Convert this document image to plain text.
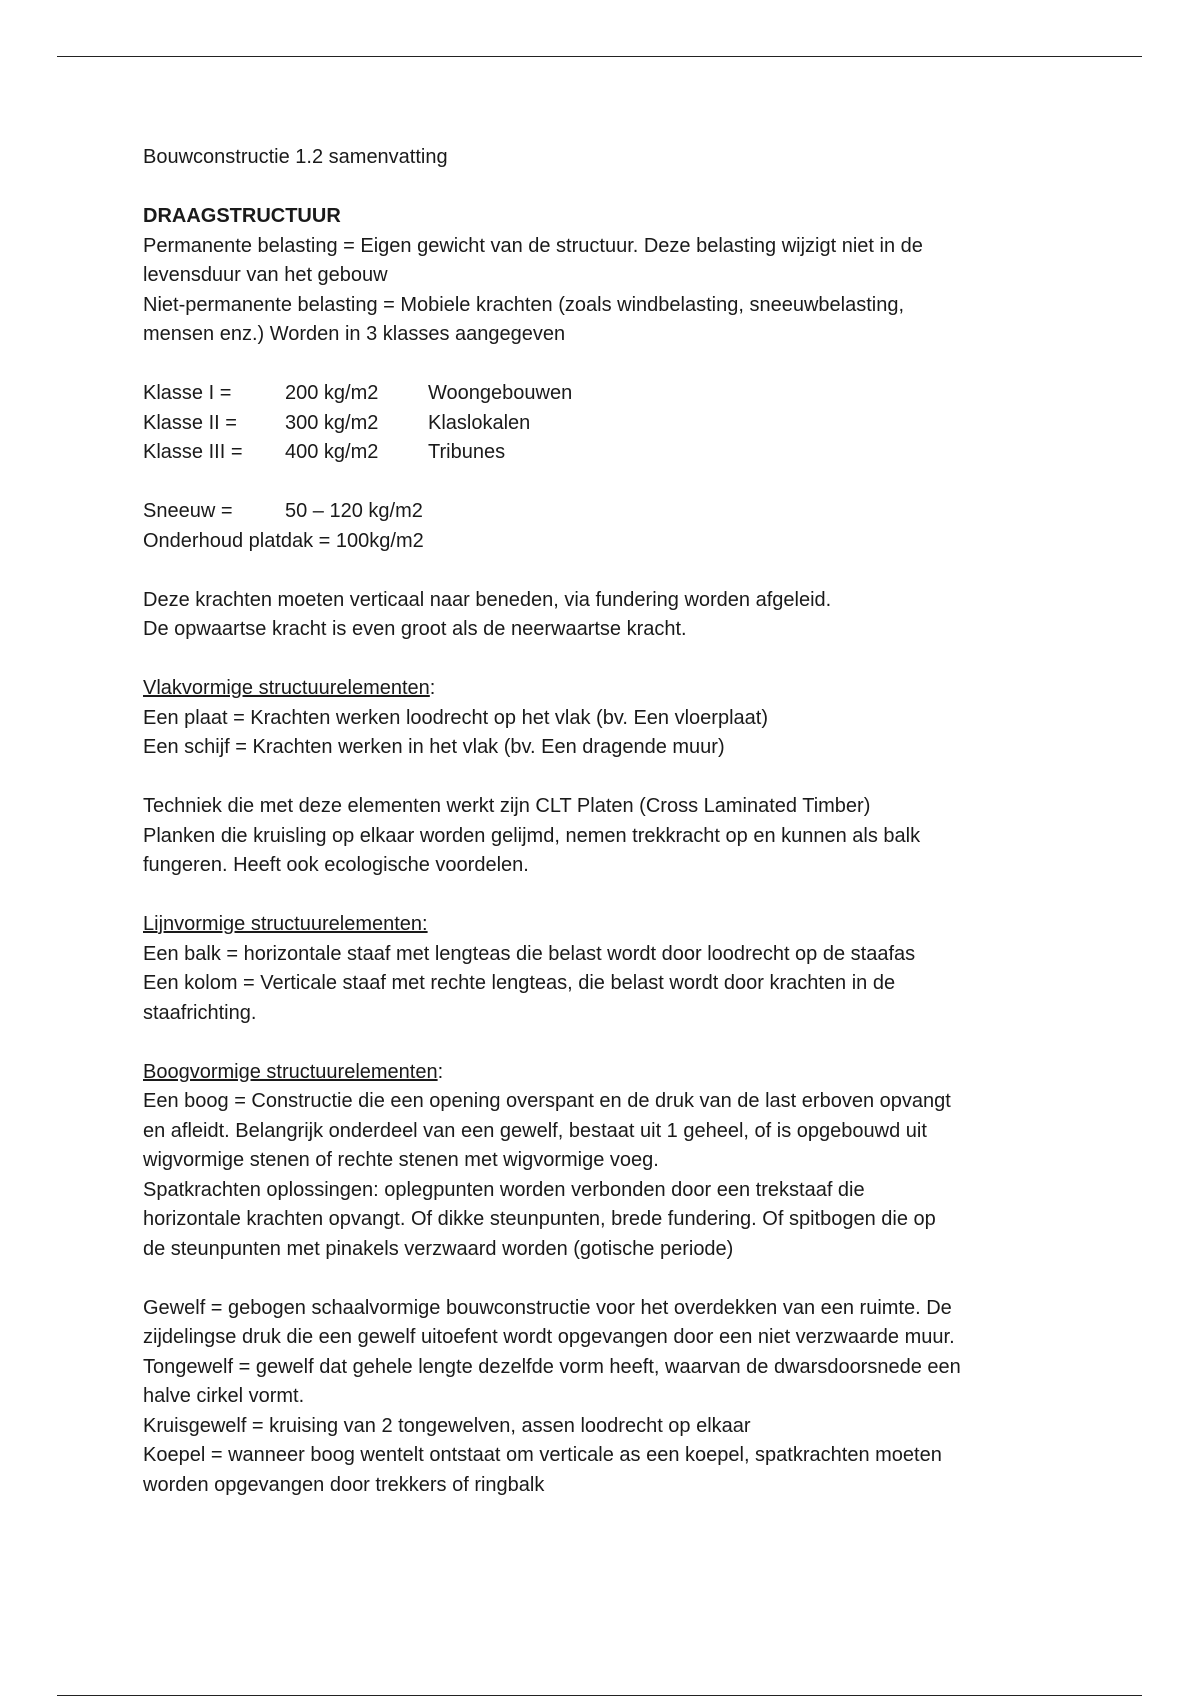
Bouwconstructie 1.2 samenvatting
DRAAGSTRUCTUUR
Permanente belasting = Eigen gewicht van de structuur. Deze belasting wijzigt niet in de
levensduur van het gebouw
Niet-permanente belasting = Mobiele krachten (zoals windbelasting, sneeuwbelasting,
mensen enz.) Worden in 3 klasses aangegeven
Klasse I =	200 kg/m2	Woongebouwen
Klasse II =	300 kg/m2	Klaslokalen
Klasse III =	400 kg/m2	Tribunes
Sneeuw =	50 – 120 kg/m2
Onderhoud platdak = 100kg/m2
Deze krachten moeten verticaal naar beneden, via fundering worden afgeleid.
De opwaartse kracht is even groot als de neerwaartse kracht.
Vlakvormige structuurelementen:
Een plaat = Krachten werken loodrecht op het vlak (bv. Een vloerplaat)
Een schijf = Krachten werken in het vlak (bv. Een dragende muur)
Techniek die met deze elementen werkt zijn CLT Platen (Cross Laminated Timber)
Planken die kruisling op elkaar worden gelijmd, nemen trekkracht op en kunnen als balk
fungeren. Heeft ook ecologische voordelen.
Lijnvormige structuurelementen:
Een balk = horizontale staaf met lengteas die belast wordt door loodrecht op de staafas
Een kolom = Verticale staaf met rechte lengteas, die belast wordt door krachten in de
staafrichting.
Boogvormige structuurelementen:
Een boog = Constructie die een opening overspant en de druk van de last erboven opvangt
en afleidt. Belangrijk onderdeel van een gewelf, bestaat uit 1 geheel, of is opgebouwd uit
wigvormige stenen of rechte stenen met wigvormige voeg.
Spatkrachten oplossingen: oplegpunten worden verbonden door een trekstaaf die
horizontale krachten opvangt. Of dikke steunpunten, brede fundering. Of spitbogen die op
de steunpunten met pinakels verzwaard worden (gotische periode)
Gewelf = gebogen schaalvormige bouwconstructie voor het overdekken van een ruimte. De
zijdelingse druk die een gewelf uitoefent wordt opgevangen door een niet verzwaarde muur.
Tongewelf = gewelf dat gehele lengte dezelfde vorm heeft, waarvan de dwarsdoorsnede een
halve cirkel vormt.
Kruisgewelf = kruising van 2 tongewelven, assen loodrecht op elkaar
Koepel = wanneer boog wentelt ontstaat om verticale as een koepel, spatkrachten moeten
worden opgevangen door trekkers of ringbalk
